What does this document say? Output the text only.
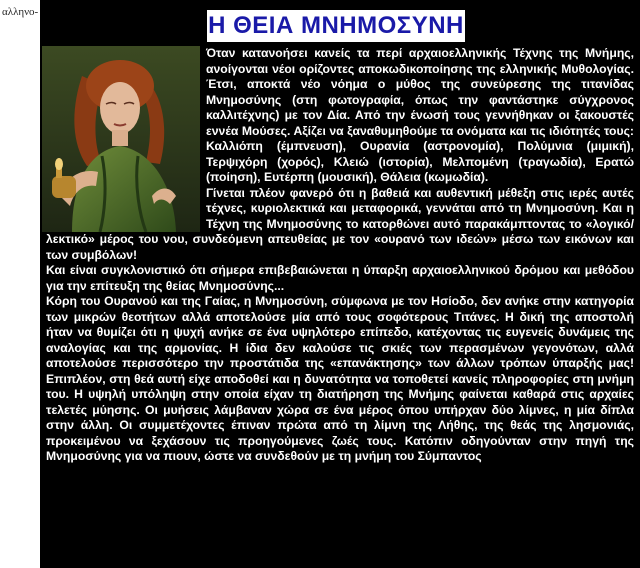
αλληνο-	Η ΘΕΙΑ ΜΝΗΜΟΣΥΝΗ

Όταν κατανοήσει κανείς τα περί αρχαιοελληνικής Τέχνης της Μνήμης, ανοίγονται νέοι ορίζοντες αποκωδικοποίησης της ελληνικής Μυθολογίας. Έτσι, αποκτά νέο νόημα ο μύθος της συνεύρεσης της τιτανίδας Μνημοσύνης (στη φωτογραφία, όπως την φαντάστηκε σύγχρονος καλλιτέχνης) με τον Δία. Από την ένωσή τους γεννήθηκαν οι ξακουστές εννέα Μούσες. Αξίζει να ξαναθυμηθούμε τα ονόματα και τις ιδιότητές τους: Καλλιόπη (έμπνευση), Ουρανία (αστρονομία), Πολύμνια (μιμική), Τερψιχόρη (χορός), Κλειώ (ιστορία), Μελπομένη (τραγωδία), Ερατώ (ποίηση), Ευτέρπη (μουσική), Θάλεια (κωμωδία).

Γίνεται πλέον φανερό ότι η βαθειά και αυθεντική μέθεξη στις ιερές αυτές τέχνες, κυριολεκτικά και μεταφορικά, γεννάται από τη Μνημοσύνη. Και η Τέχνη της Μνημοσύνης το κατορθώνει αυτό παρακάμπτοντας το «λογικό/λεκτικό» μέρος του νου, συνδεόμενη απευθείας με τον «ουρανό των ιδεών» μέσω των εικόνων και των συμβόλων!

Και είναι συγκλονιστικό ότι σήμερα επιβεβαιώνεται η ύπαρξη αρχαιοελληνικού δρόμου και μεθόδου για την επίτευξη της θείας Μνημοσύνης...

Κόρη του Ουρανού και της Γαίας, η Μνημοσύνη, σύμφωνα με τον Ησίοδο, δεν ανήκε στην κατηγορία των μικρών θεοτήτων αλλά αποτελούσε μία από τους σοφότερους Τιτάνες. Η δική της αποστολή ήταν να θυμίζει ότι η ψυχή ανήκε σε ένα υψηλότερο επίπεδο, κατέχοντας τις ευγενείς δυνάμεις της αναλογίας και της αρμονίας. Η ίδια δεν καλούσε τις σκιές των περασμένων γεγονότων, αλλά αποτελούσε περισσότερο την προστάτιδα της «επανάκτησης» των άλλων τρόπων ύπαρξής μας! Επιπλέον, στη θεά αυτή είχε αποδοθεί και η δυνατότητα να τοποθετεί κανείς πληροφορίες στη μνήμη του. Η υψηλή υπόληψη στην οποία είχαν τη διατήρηση της Μνήμης φαίνεται καθαρά στις αρχαίες τελετές μύησης. Οι μυήσεις λάμβαναν χώρα σε ένα μέρος όπου υπήρχαν δύο λίμνες, η μία δίπλα στην άλλη. Οι συμμετέχοντες έπιναν πρώτα από τη λίμνη της Λήθης, της θεάς της λησμονιάς, προκειμένου να ξεχάσουν τις προηγούμενες ζωές τους. Κατόπιν οδηγούνταν στην πηγή της Μνημοσύνης για να πιουν, ώστε να συνδεθούν με τη μνήμη του Σύμπαντος
